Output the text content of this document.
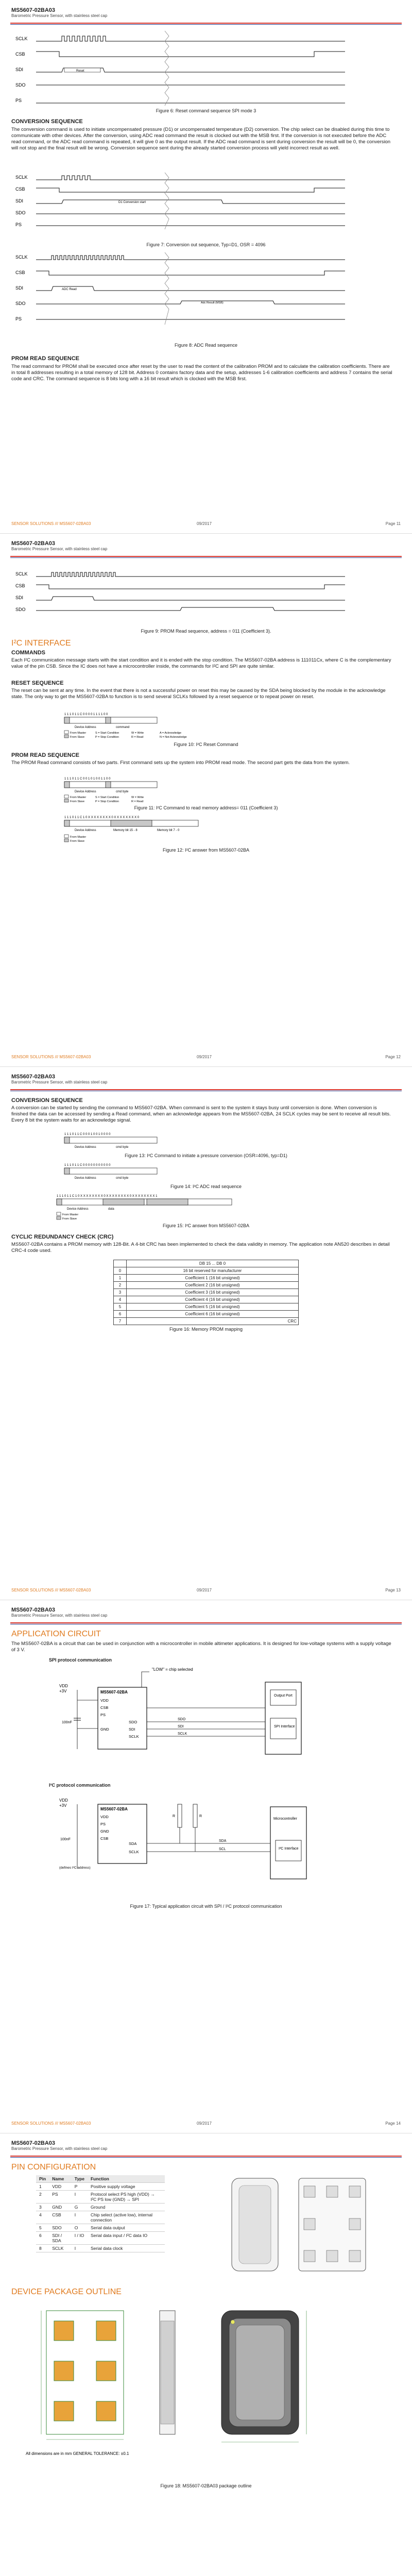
MS5607-02BA03
Barometric Pressure Sensor, with stainless steel cap
SCLK
CSB
SDI
SDO
PS
Reset
Figure 6: Reset command sequence SPI mode 3
CONVERSION SEQUENCE
The conversion command is used to initiate uncompensated pressure (D1) or uncompensated temperature (D2) conversion. The chip select can be disabled during this time to communicate with other devices. After the conversion, using ADC read command the result is clocked out with the MSB first. If the conversion is not executed before the ADC read command, or the ADC read command is repeated, it will give 0 as the output result. If the ADC read command is sent during conversion the result will be 0, the conversion will not stop and the final result will be wrong. Conversion sequence sent during the already started conversion process will yield incorrect result as well.
SCLK
CSB
SDI
SDO
PS
D1 Conversion start
Figure 7: Conversion out sequence, Typ=D1, OSR = 4096
SCLK
CSB
SDI
SDO
PS
ADC Read
Adc Result (MSB)
Figure 8: ADC Read sequence
PROM READ SEQUENCE
The read command for PROM shall be executed once after reset by the user to read the content of the calibration PROM and to calculate the calibration coefficients. There are in total 8 addresses resulting in a total memory of 128 bit. Address 0 contains factory data and the setup, addresses 1-6 calibration coefficients and address 7 contains the serial code and CRC. The command sequence is 8 bits long with a 16 bit result which is clocked with the MSB first.
SENSOR SOLUTIONS /// MS5607-02BA03	09/2017	Page 11
MS5607-02BA03
Barometric Pressure Sensor, with stainless steel cap
SCLK
CSB
SDI
SDO
Figure 9: PROM Read sequence, address = 011 (Coefficient 3).
I²C INTERFACE
COMMANDS
Each I²C communication message starts with the start condition and it is ended with the stop condition. The MS5607-02BA address is 111011Cx, where C is the complementary value of the pin CSB. Since the IC does not have a microcontroller inside, the commands for I²C and SPI are quite similar.
RESET SEQUENCE
The reset can be sent at any time. In the event that there is not a successful power on reset this may be caused by the SDA being blocked by the module in the acknowledge state. The only way to get the MS5607-02BA to function is to send several SCLKs followed by a reset sequence or to repeat power on reset.
1 1 1 0 1 1 C 0 0 0 0 1 1 1 1 0 0
Device Address	command
From Master
From Slave
S = Start Condition
P = Stop Condition
W = Write
R = Read
A = Acknowledge
N = Not Acknowledge
Figure 10: I²C Reset Command
PROM READ SEQUENCE
The PROM Read command consists of two parts. First command sets up the system into PROM read mode. The second part gets the data from the system.
1 1 1 0 1 1 C 0 0 1 0 1 0 0 1 1 0 0
Device Address	cmd byte
From Master
From Slave
S = Start Condition
P = Stop Condition
W = Write
R = Read
Figure 11: I²C Command to read memory address= 011 (Coefficient 3)
1 1 1 0 1 1 C 1 0 X X X X X X X X 0 X X X X X X X X 0
Device Address	Memory bit 15 - 8	Memory bit 7 - 0
From Master
From Slave
Figure 12: I²C answer from MS5607-02BA
SENSOR SOLUTIONS /// MS5607-02BA03	09/2017	Page 12
MS5607-02BA03
Barometric Pressure Sensor, with stainless steel cap
CONVERSION SEQUENCE
A conversion can be started by sending the command to MS5607-02BA. When command is sent to the system it stays busy until conversion is done. When conversion is finished the data can be accessed by sending a Read command, when an acknowledge appears from the MS5607-02BA, 24 SCLK cycles may be sent to receive all result bits. Every 8 bit the system waits for an acknowledge signal.
1 1 1 0 1 1 C 0 0 0 1 0 0 1 0 0 0 0
Device Address	cmd byte
Figure 13: I²C Command to initiate a pressure conversion (OSR=4096, typ=D1)
1 1 1 0 1 1 C 0 0 0 0 0 0 0 0 0 0 0
Device Address	cmd byte
Figure 14: I²C ADC read sequence
1 1 1 0 1 1 C 1 0 X X X X X X X X 0 X X X X X X X X 0 X X X X X X X X 1
Device Address	data
From Master
From Slave
Figure 15: I²C answer from MS5607-02BA
CYCLIC REDUNDANCY CHECK (CRC)
MS5607-02BA contains a PROM memory with 128-Bit. A 4-bit CRC has been implemented to check the data validity in memory. The application note AN520 describes in detail CRC-4 code used.
	DB 15 ... DB 0
0	16 bit reserved for manufacturer
1	Coefficient 1 (16 bit unsigned)
2	Coefficient 2 (16 bit unsigned)
3	Coefficient 3 (16 bit unsigned)
4	Coefficient 4 (16 bit unsigned)
5	Coefficient 5 (16 bit unsigned)
6	Coefficient 6 (16 bit unsigned)
7	CRC
Figure 16: Memory PROM mapping
SENSOR SOLUTIONS /// MS5607-02BA03	09/2017	Page 13
MS5607-02BA03
Barometric Pressure Sensor, with stainless steel cap
APPLICATION CIRCUIT
The MS5607-02BA is a circuit that can be used in conjunction with a microcontroller in mobile altimeter applications. It is designed for low-voltage systems with a supply voltage of 3 V.
SPI protocol communication
"LOW" = chip selected
VDD
+3V
100nF
MS5607-02BA
VDD
CSB
PS
GND
SDO
SDI
SCLK
SDO
SDI
SCLK
Output Port
SPI Interface
I²C protocol communication
VDD
+3V
(defines I²C address)
100nF
MS5607-02BA
VDD
PS
GND
CSB
SDA
SCLK
R	R
SDA
SCL
Microcontroller
I²C Interface
Figure 17: Typical application circuit with SPI / I²C protocol communication
SENSOR SOLUTIONS /// MS5607-02BA03	09/2017	Page 14
MS5607-02BA03
Barometric Pressure Sensor, with stainless steel cap
PIN CONFIGURATION
Pin	Name	Type	Function
1	VDD	P	Positive supply voltage
2	PS	I	Protocol select PS high (VDD) → I²C PS low (GND) → SPI
3	GND	G	Ground
4	CSB	I	Chip select (active low), internal connection
5	SDO	O	Serial data output
6	SDI / SDA	I / IO	Serial data input / I²C data IO
8	SCLK	I	Serial data clock
DEVICE PACKAGE OUTLINE
All dimensions are in mm GENERAL TOLERANCE: ±0.1
Figure 18: MS5607-02BA03 package outline
